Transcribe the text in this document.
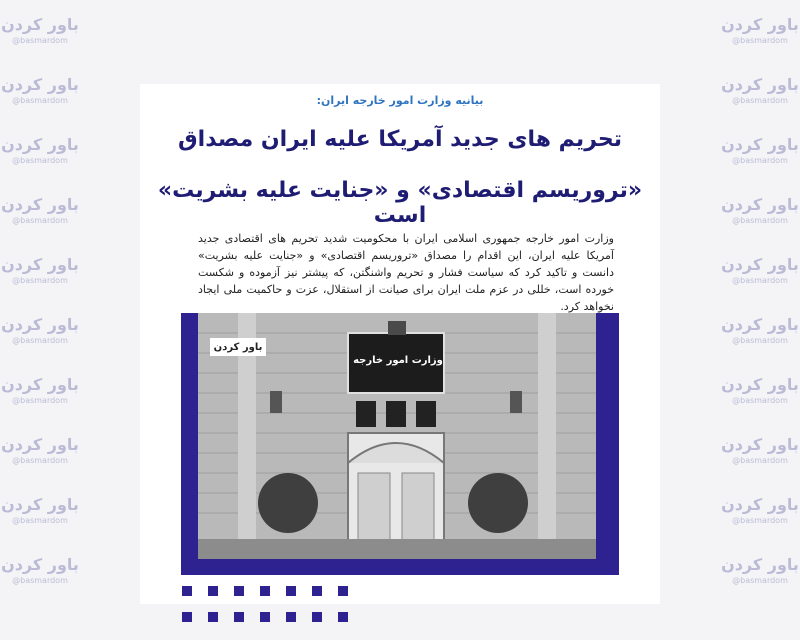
باور کردن
@basmardom
باور کردن
@basmardom
باور کردن
@basmardom
باور کردن
@basmardom
باور کردن
@basmardom
باور کردن
@basmardom
باور کردن
@basmardom
باور کردن
@basmardom
باور کردن
@basmardom
باور کردن
@basmardom
باور کردن
@basmardom
باور کردن
@basmardom
باور کردن
@basmardom
باور کردن
@basmardom
باور کردن
@basmardom
باور کردن
@basmardom
باور کردن
@basmardom
باور کردن
@basmardom
باور کردن
@basmardom
باور کردن
@basmardom
بیانیه وزارت امور خارجه ایران:
تحریم های جدید آمریکا علیه ایران مصداق
«تروریسم اقتصادی» و «جنایت علیه بشریت» است
وزارت امور خارجه جمهوری اسلامی ایران با محکومیت شدید تحریم های اقتصادی جدید آمریکا علیه ایران، این اقدام را مصداق «تروریسم اقتصادی» و «جنایت علیه بشریت» دانست و تاکید کرد که سیاست فشار و تحریم واشنگتن، که پیشتر نیز آزموده و شکست خورده است، خللی در عزم ملت ایران برای صیانت از استقلال، عزت و حاکمیت ملی ایجاد نخواهد کرد.
وزارت امور خارجه
باور کردن
